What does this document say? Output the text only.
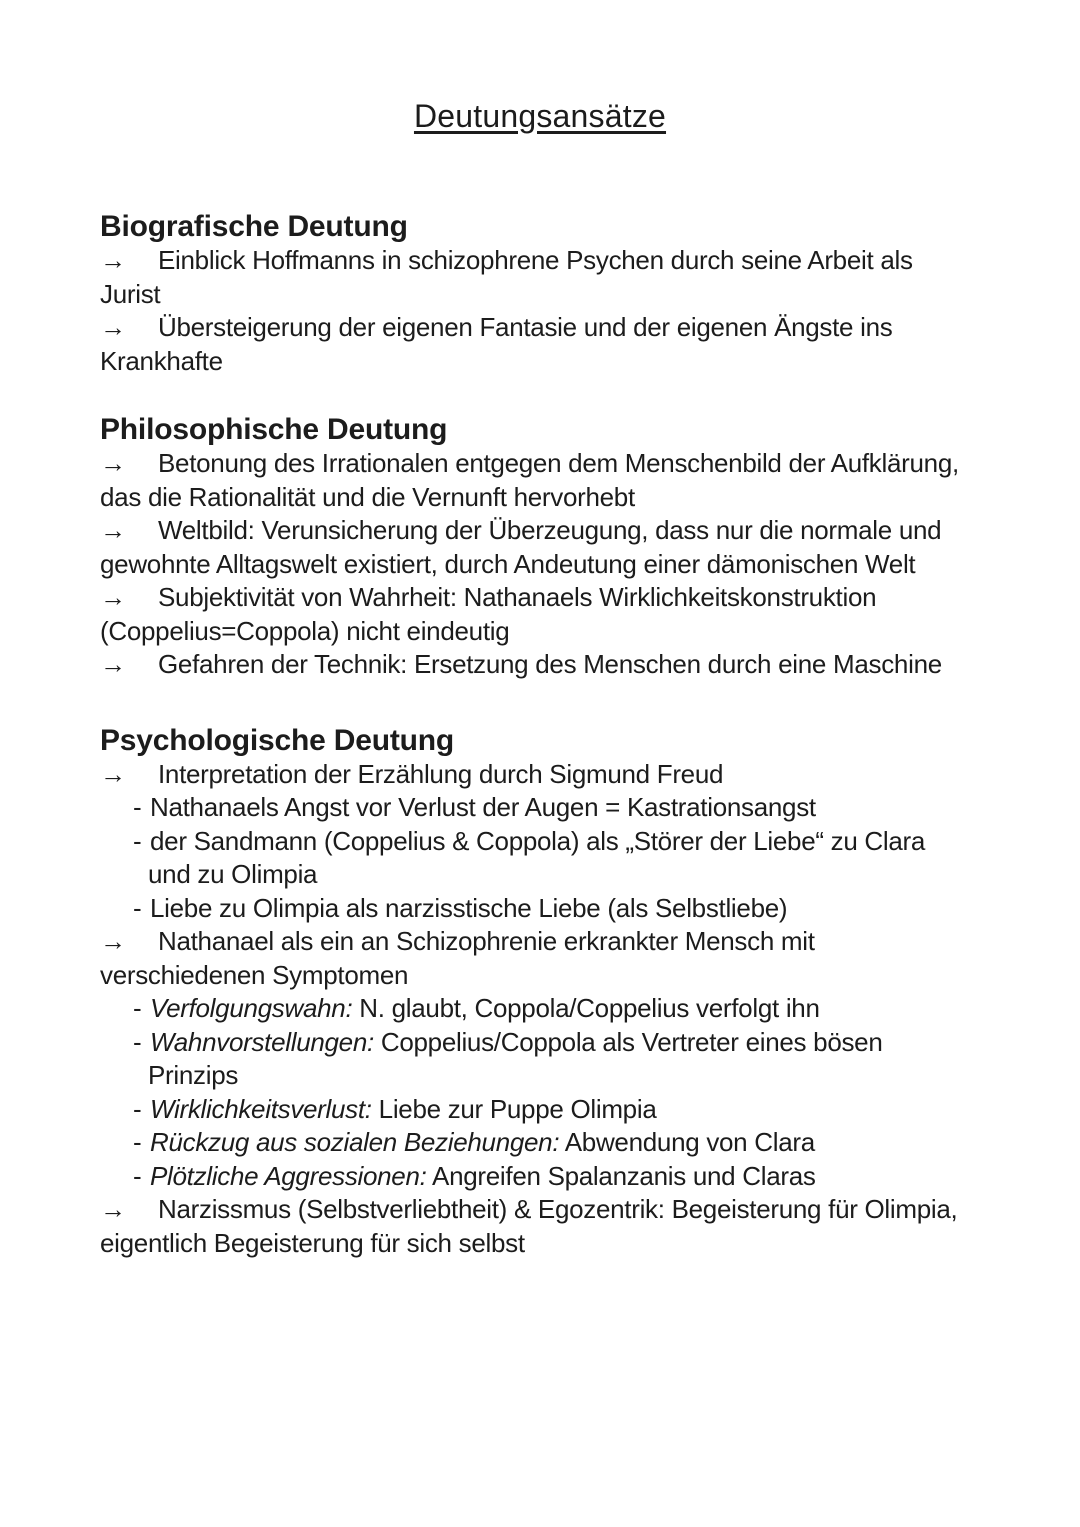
Deutungsansätze
Biografische Deutung
→ Einblick Hoffmanns in schizophrene Psychen durch seine Arbeit als
Jurist
→ Übersteigerung der eigenen Fantasie und der eigenen Ängste ins
Krankhafte
Philosophische Deutung
→ Betonung des Irrationalen entgegen dem Menschenbild der Aufklärung,
das die Rationalität und die Vernunft hervorhebt
→ Weltbild: Verunsicherung der Überzeugung, dass nur die normale und
gewohnte Alltagswelt existiert, durch Andeutung einer dämonischen Welt
→ Subjektivität von Wahrheit: Nathanaels Wirklichkeitskonstruktion
(Coppelius=Coppola) nicht eindeutig
→ Gefahren der Technik: Ersetzung des Menschen durch eine Maschine
Psychologische Deutung
→ Interpretation der Erzählung durch Sigmund Freud
- Nathanaels Angst vor Verlust der Augen = Kastrationsangst
- der Sandmann (Coppelius & Coppola) als „Störer der Liebe“ zu Clara
und zu Olimpia
- Liebe zu Olimpia als narzisstische Liebe (als Selbstliebe)
→ Nathanael als ein an Schizophrenie erkrankter Mensch mit
verschiedenen Symptomen
- Verfolgungswahn: N. glaubt, Coppola/Coppelius verfolgt ihn
- Wahnvorstellungen: Coppelius/Coppola als Vertreter eines bösen
Prinzips
- Wirklichkeitsverlust: Liebe zur Puppe Olimpia
- Rückzug aus sozialen Beziehungen: Abwendung von Clara
- Plötzliche Aggressionen: Angreifen Spalanzanis und Claras
→ Narzissmus (Selbstverliebtheit) & Egozentrik: Begeisterung für Olimpia,
eigentlich Begeisterung für sich selbst
